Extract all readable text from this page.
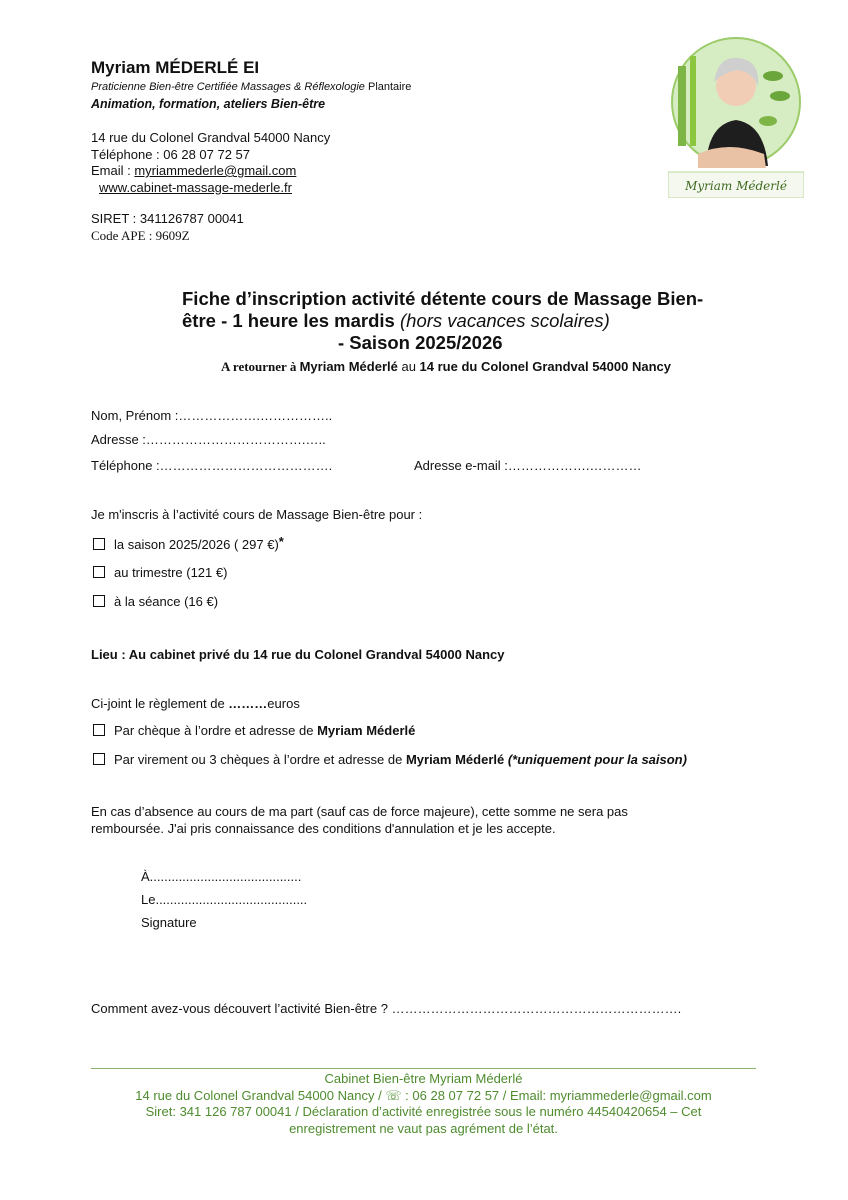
Myriam MÉDERLÉ EI
Praticienne Bien-être Certifiée Massages & Réflexologie Plantaire
Animation, formation, ateliers Bien-être
14 rue du Colonel Grandval 54000 Nancy
Téléphone : 06 28 07 72 57
Email : myriammederle@gmail.com
www.cabinet-massage-mederle.fr
SIRET : 341126787 00041
Code APE : 9609Z
Myriam Méderlé
Fiche d’inscription activité détente cours de Massage Bien-
être - 1 heure les mardis (hors vacances scolaires)
- Saison 2025/2026
A retourner à Myriam Méderlé au 14 rue du Colonel Grandval 54000 Nancy
Nom, Prénom :……………….……………..
Adresse :……………………………….…..
Téléphone :………………………………….	Adresse e-mail :……………….…………
Je m'inscris à l’activité cours de Massage Bien-être pour :
la saison 2025/2026 ( 297 €)*
au trimestre (121 €)
à la séance (16 €)
Lieu : Au cabinet privé du 14 rue du Colonel Grandval 54000 Nancy
Ci-joint le règlement de ………euros
Par chèque à l’ordre et adresse de Myriam Méderlé
Par virement ou 3 chèques à l’ordre et adresse de Myriam Méderlé (*uniquement pour la saison)
En cas d’absence au cours de ma part (sauf cas de force majeure), cette somme ne sera pas
remboursée. J'ai pris connaissance des conditions d'annulation et je les accepte.
À..........................................
Le..........................................
Signature
Comment avez-vous découvert l’activité Bien-être ? ………………………………………………………….
Cabinet Bien-être Myriam Méderlé
14 rue du Colonel Grandval 54000 Nancy / ☏ : 06 28 07 72 57 / Email: myriammederle@gmail.com
Siret: 341 126 787 00041 / Déclaration d’activité enregistrée sous le numéro 44540420654 – Cet
enregistrement ne vaut pas agrément de l’état.
